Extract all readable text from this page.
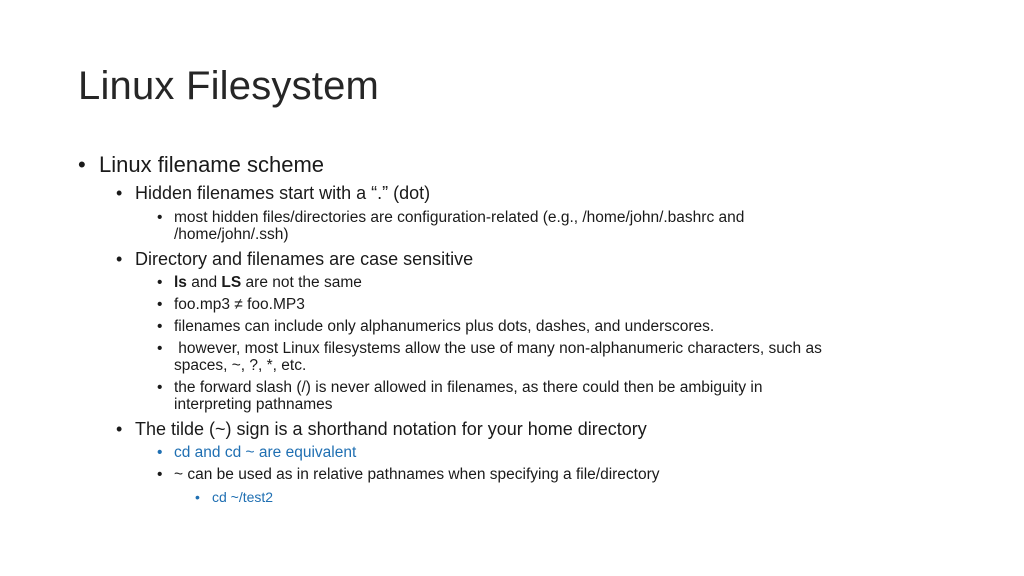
Linux Filesystem
• Linux filename scheme
• Hidden filenames start with a “.” (dot)
• most hidden files/directories are configuration-related (e.g., /home/john/.bashrc and
/home/john/.ssh)
• Directory and filenames are case sensitive
• ls and LS are not the same
• foo.mp3 ≠ foo.MP3
• filenames can include only alphanumerics plus dots, dashes, and underscores.
• however, most Linux filesystems allow the use of many non-alphanumeric characters, such as
spaces, ~, ?, *, etc.
• the forward slash (/) is never allowed in filenames, as there could then be ambiguity in
interpreting pathnames
• The tilde (~) sign is a shorthand notation for your home directory
• cd and cd ~ are equivalent
• ~ can be used as in relative pathnames when specifying a file/directory
• cd ~/test2
